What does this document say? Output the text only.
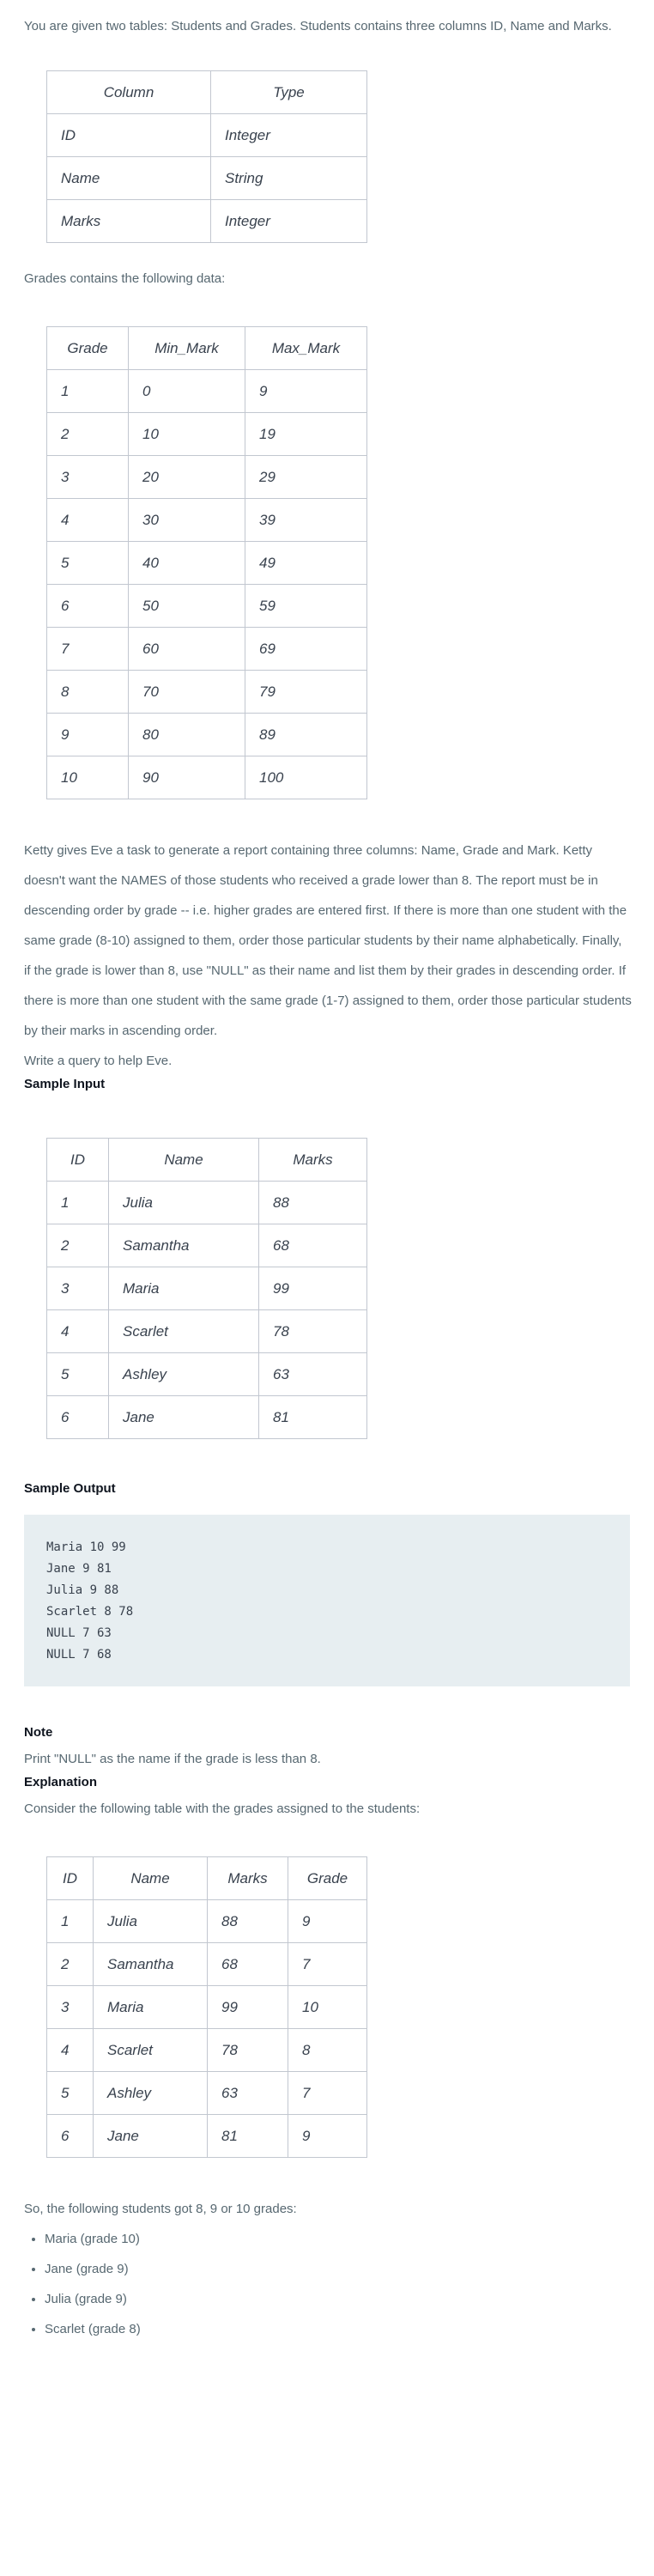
You are given two tables: Students and Grades. Students contains three columns ID, Name and Marks.

Column	Type
ID	Integer
Name	String
Marks	Integer

Grades contains the following data:

Grade	Min_Mark	Max_Mark
1	0	9
2	10	19
3	20	29
4	30	39
5	40	49
6	50	59
7	60	69
8	70	79
9	80	89
10	90	100

Ketty gives Eve a task to generate a report containing three columns: Name, Grade and Mark. Ketty doesn't want the NAMES of those students who received a grade lower than 8. The report must be in descending order by grade -- i.e. higher grades are entered first. If there is more than one student with the same grade (8-10) assigned to them, order those particular students by their name alphabetically. Finally, if the grade is lower than 8, use "NULL" as their name and list them by their grades in descending order. If there is more than one student with the same grade (1-7) assigned to them, order those particular students by their marks in ascending order.

Write a query to help Eve.

Sample Input

ID	Name	Marks
1	Julia	88
2	Samantha	68
3	Maria	99
4	Scarlet	78
5	Ashley	63
6	Jane	81

Sample Output

Maria 10 99
Jane 9 81
Julia 9 88
Scarlet 8 78
NULL 7 63
NULL 7 68

Note

Print "NULL" as the name if the grade is less than 8.

Explanation

Consider the following table with the grades assigned to the students:

ID	Name	Marks	Grade
1	Julia	88	9
2	Samantha	68	7
3	Maria	99	10
4	Scarlet	78	8
5	Ashley	63	7
6	Jane	81	9

So, the following students got 8, 9 or 10 grades:

• Maria (grade 10)
• Jane (grade 9)
• Julia (grade 9)
• Scarlet (grade 8)
